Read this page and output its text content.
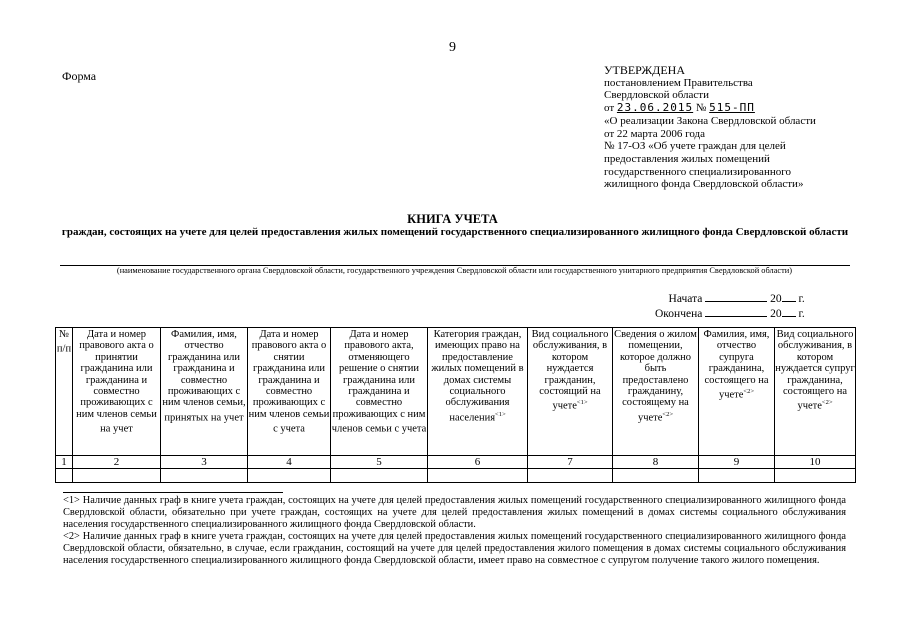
9
Форма	УТВЕРЖДЕНА
постановлением Правительства
Свердловской области
от 23.06.2015 № 515-ПП
«О реализации Закона Свердловской области
от 22 марта 2006 года
№ 17-ОЗ «Об учете граждан для целей
предоставления жилых помещений
государственного специализированного
жилищного фонда Свердловской области»
КНИГА УЧЕТА
граждан, состоящих на учете для целей предоставления жилых помещений государственного специализированного жилищного фонда Свердловской области
(наименование государственного органа Свердловской области, государственного учреждения Свердловской области или государственного унитарного предприятия Свердловской области)
Начата	20 г.
Окончена	20 г.
№ п/п	Дата и номер правового акта о принятии гражданина или гражданина и совместно проживающих с ним членов семьи на учет	Фамилия, имя, отчество гражданина или гражданина и совместно проживающих с ним членов семьи, принятых на учет	Дата и номер правового акта о снятии гражданина или гражданина и совместно проживающих с ним членов семьи с учета	Дата и номер правового акта, отменяющего решение о снятии гражданина или гражданина и совместно проживающих с ним членов семьи с учета	Категория граждан, имеющих право на предоставление жилых помещений в домах системы социального обслуживания населения$^{<1>}$	Вид социального обслуживания, в котором нуждается гражданин, состоящий на учете$^{<1>}$	Сведения о жилом помещении, которое должно быть предоставлено гражданину, состоящему на учете$^{<2>}$	Фамилия, имя, отчество супруга гражданина, состоящего на учете$^{<2>}$	Вид социального обслуживания, в котором нуждается супруг гражданина, состоящего на учете$^{<2>}$
1	2	3	4	5	6	7	8	9	10

<1> Наличие данных граф в книге учета граждан, состоящих на учете для целей предоставления жилых помещений государственного специализированного жилищного фонда Свердловской области, обязательно при учете граждан, состоящих на учете для целей предоставления жилых помещений в домах системы социального обслуживания населения государственного специализированного жилищного фонда Свердловской области.

<2> Наличие данных граф в книге учета граждан, состоящих на учете для целей предоставления жилых помещений государственного специализированного жилищного фонда Свердловской области, обязательно, в случае, если гражданин, состоящий на учете для целей предоставления жилого помещения в домах системы социального обслуживания населения государственного специализированного жилищного фонда Свердловской области, имеет право на совместное с супругом получение такого жилого помещения.
